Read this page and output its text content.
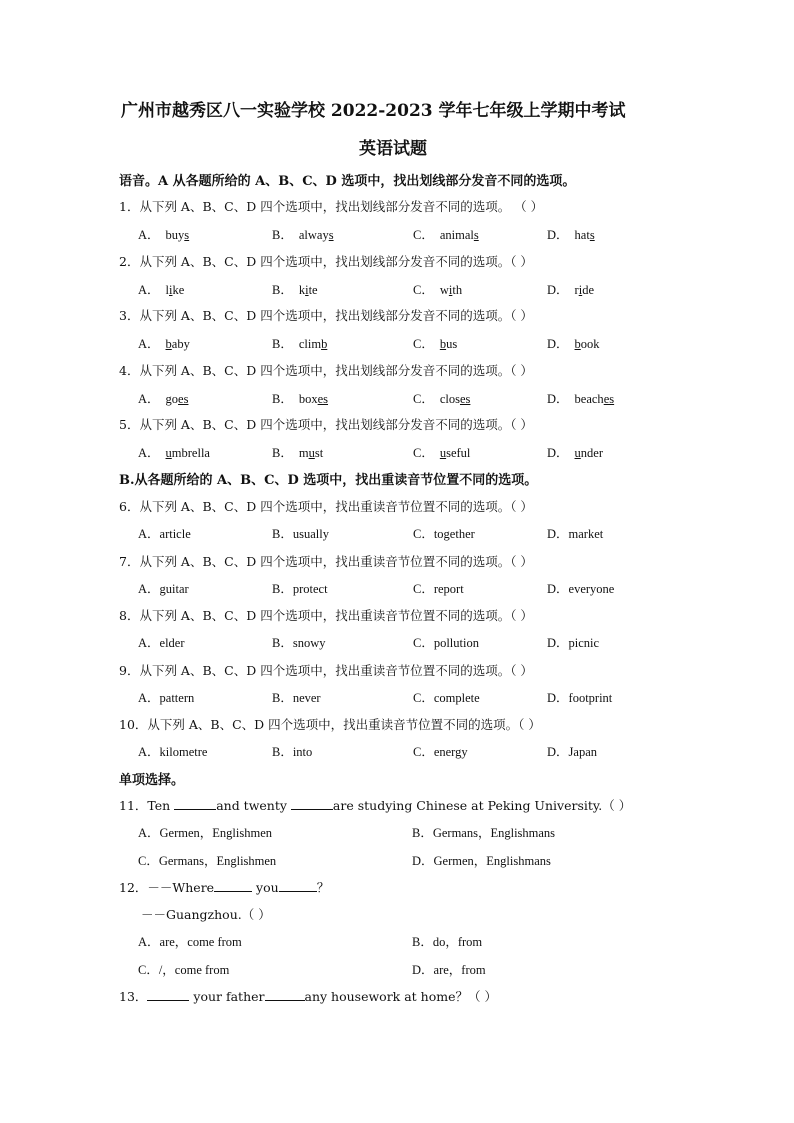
广州市越秀区八一实验学校 2022-2023 学年七年级上学期中考试
英语试题
语音。A 从各题所给的 A、B、C、D 选项中，找出划线部分发音不同的选项。
1．从下列 A、B、C、D 四个选项中，找出划线部分发音不同的选项。 （ ）
A． buys	B． always	C． animals	D． hats
2．从下列 A、B、C、D 四个选项中，找出划线部分发音不同的选项。（ ）
A． like	B． kite	C． with	D． ride
3．从下列 A、B、C、D 四个选项中，找出划线部分发音不同的选项。（ ）
A． baby	B． climb	C． bus	D． book
4．从下列 A、B、C、D 四个选项中，找出划线部分发音不同的选项。（ ）
A． goes	B． boxes	C． closes	D． beaches
5．从下列 A、B、C、D 四个选项中，找出划线部分发音不同的选项。（ ）
A． umbrella	B． must	C． useful	D． under
B.从各题所给的 A、B、C、D 选项中，找出重读音节位置不同的选项。
6．从下列 A、B、C、D 四个选项中，找出重读音节位置不同的选项。（ ）
A．article	B．usually	C．together	D．market
7．从下列 A、B、C、D 四个选项中，找出重读音节位置不同的选项。（ ）
A．guitar	B．protect	C．report	D．everyone
8．从下列 A、B、C、D 四个选项中，找出重读音节位置不同的选项。（ ）
A．elder	B．snowy	C．pollution	D．picnic
9．从下列 A、B、C、D 四个选项中，找出重读音节位置不同的选项。（ ）
A．pattern	B．never	C．complete	D．footprint
10．从下列 A、B、C、D 四个选项中，找出重读音节位置不同的选项。（ ）
A．kilometre	B．into	C．energy	D．Japan
单项选择。
11．Ten	and twenty	are studying Chinese at Peking University.（ ）
A．Germen，Englishmen	B．Germans，Englishmans
C．Germans，Englishmen	D．Germen，Englishmans
12．－－Where	you	？
－－Guangzhou.（ ）
A．are，come from	B．do，from
C．/，come from	D．are，from
13．	your father	any housework at home？（ ）
